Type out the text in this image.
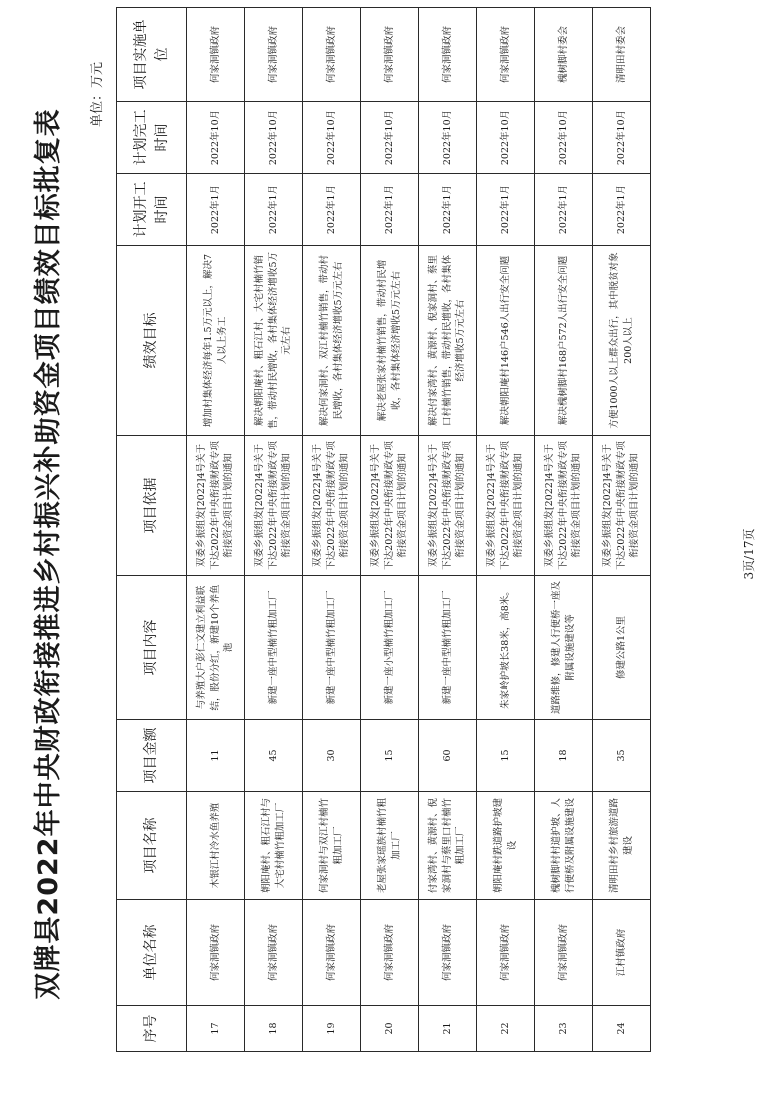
双牌县2022年中央财政衔接推进乡村振兴补助资金项目绩效目标批复表
单位：万元
序号	单位名称	项目名称	项目金额	项目内容	项目依据	绩效目标	计划开工时间	计划完工时间	项目实施单位
17	何家洞镇政府	木银江村冷水鱼养殖	11	与养殖大户彭仁文建立利益联结，股份分红，新建10个养鱼池	双委乡振组发[2022]4号关于下达2022年中央衔接财政专项衔接资金项目计划的通知	增加村集体经济每年1.5万元以上，解决7人以上务工	2022年1月	2022年10月	何家洞镇政府
18	何家洞镇政府	朝阳庵村、粗石江村与大宅村楠竹粗加工厂	45	新建一座中型楠竹粗加工厂	双委乡振组发[2022]4号关于下达2022年中央衔接财政专项衔接资金项目计划的通知	解决朝阳庵村、粗石江村、大宅村楠竹销售，带动村民增收，各村集体经济增收5万元左右	2022年1月	2022年10月	何家洞镇政府
19	何家洞镇政府	何家洞村与双江村楠竹粗加工厂	30	新建一座中型楠竹粗加工厂	双委乡振组发[2022]4号关于下达2022年中央衔接财政专项衔接资金项目计划的通知	解决何家洞村、双江村楠竹销售，带动村民增收，各村集体经济增收5万元左右	2022年1月	2022年10月	何家洞镇政府
20	何家洞镇政府	老屋张家瑶族村楠竹粗加工厂	15	新建一座小型楠竹粗加工厂	双委乡振组发[2022]4号关于下达2022年中央衔接财政专项衔接资金项目计划的通知	解决老屋张家村楠竹销售，带动村民增收，各村集体经济增收5万元左右	2022年1月	2022年10月	何家洞镇政府
21	何家洞镇政府	付家湾村、黄源村、倪家洞村与蔡里口村楠竹粗加工厂	60	新建一座中型楠竹粗加工厂	双委乡振组发[2022]4号关于下达2022年中央衔接财政专项衔接资金项目计划的通知	解决付家湾村、黄源村、倪家洞村、蔡里口村楠竹销售，带动村民增收，各村集体经济增收5万元左右	2022年1月	2022年10月	何家洞镇政府
22	何家洞镇政府	朝阳庵村跌道路护坡建设	15	朱家岭护坡长38米，高8米。	双委乡振组发[2022]4号关于下达2022年中央衔接财政专项衔接资金项目计划的通知	解决朝阳庵村146户546人出行安全问题	2022年1月	2022年10月	何家洞镇政府
23	何家洞镇政府	槐树脚村村道护坡、人行便桥及附属设施建设	18	道路维修，修建人行便桥一座及附属设施建设等	双委乡振组发[2022]4号关于下达2022年中央衔接财政专项衔接资金项目计划的通知	解决槐树脚村168户572人出行安全问题	2022年1月	2022年10月	槐树脚村委会
24	江村镇政府	清明田村乡村旅游道路建设	35	修建公路1公里	双委乡振组发[2022]4号关于下达2022年中央衔接财政专项衔接资金项目计划的通知	方便1000人以上群众出行，其中脱贫对象200人以上	2022年1月	2022年10月	清明田村委会
3页/17页
